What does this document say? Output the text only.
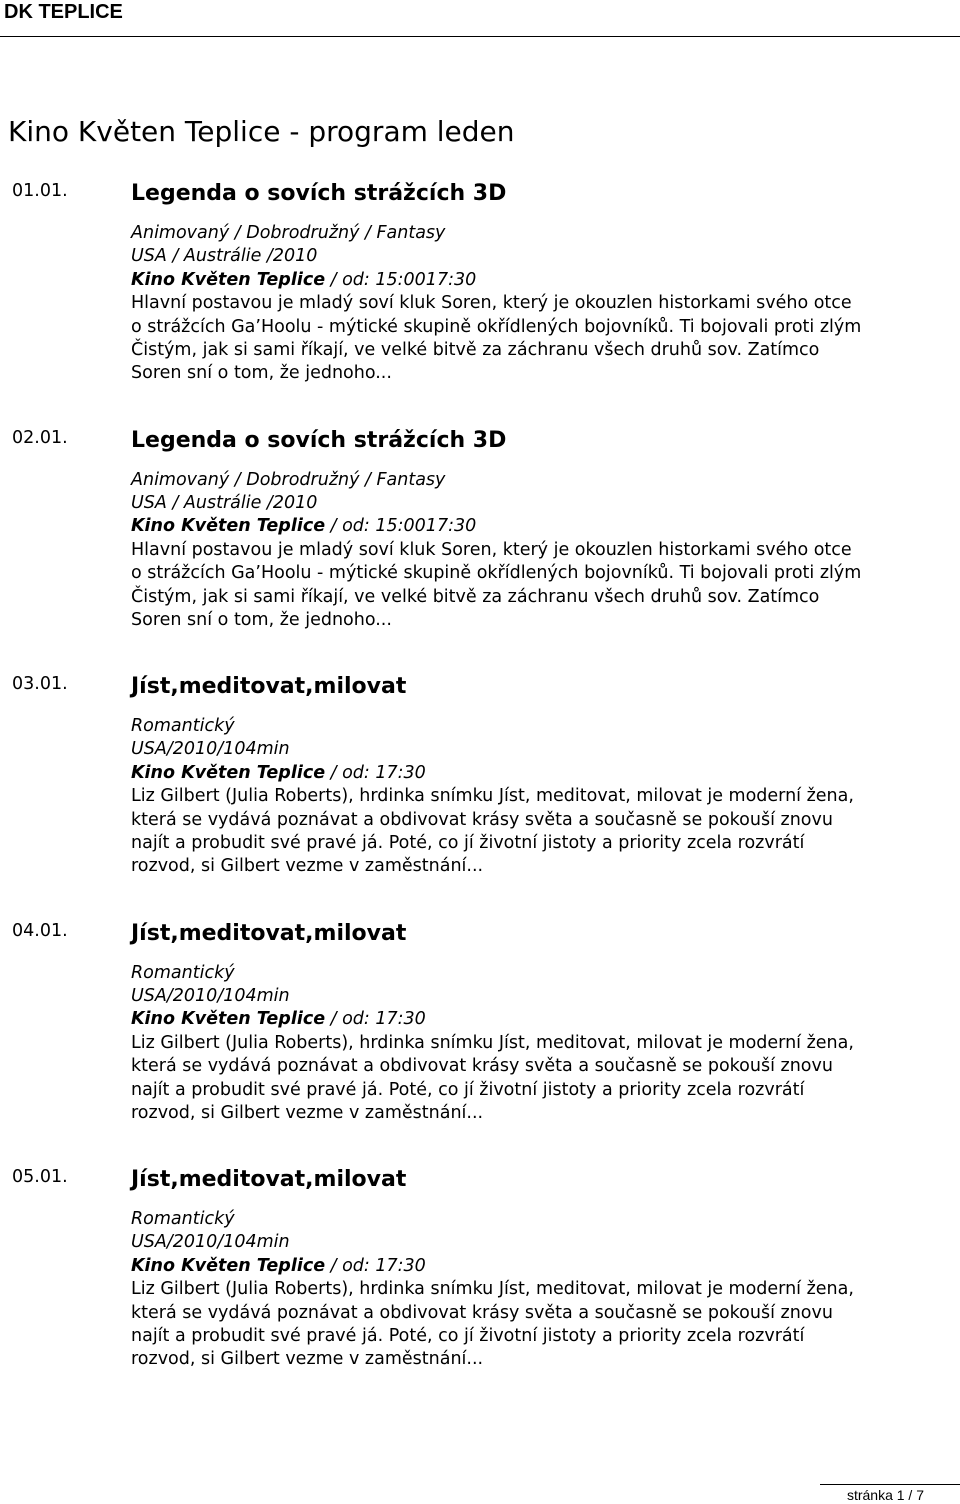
DK TEPLICE
Kino Květen Teplice - program leden
01.01.	Legenda o sovích strážcích 3D
Animovaný / Dobrodružný / Fantasy
USA / Austrálie /2010
Kino Květen Teplice / od: 15:0017:30

Hlavní postavou je mladý soví kluk Soren, který je okouzlen historkami svého otce o strážcích Ga’Hoolu - mýtické skupině okřídlených bojovníků. Ti bojovali proti zlým Čistým, jak si sami říkají, ve velké bitvě za záchranu všech druhů sov. Zatímco Soren sní o tom, že jednoho...

02.01.	Legenda o sovích strážcích 3D
Animovaný / Dobrodružný / Fantasy
USA / Austrálie /2010
Kino Květen Teplice / od: 15:0017:30

Hlavní postavou je mladý soví kluk Soren, který je okouzlen historkami svého otce o strážcích Ga’Hoolu - mýtické skupině okřídlených bojovníků. Ti bojovali proti zlým Čistým, jak si sami říkají, ve velké bitvě za záchranu všech druhů sov. Zatímco Soren sní o tom, že jednoho...

03.01.	Jíst,meditovat,milovat
Romantický
USA/2010/104min
Kino Květen Teplice / od: 17:30

Liz Gilbert (Julia Roberts), hrdinka snímku Jíst, meditovat, milovat je moderní žena, která se vydává poznávat a obdivovat krásy světa a současně se pokouší znovu najít a probudit své pravé já. Poté, co jí životní jistoty a priority zcela rozvrátí rozvod, si Gilbert vezme v zaměstnání...

04.01.	Jíst,meditovat,milovat
Romantický
USA/2010/104min
Kino Květen Teplice / od: 17:30

Liz Gilbert (Julia Roberts), hrdinka snímku Jíst, meditovat, milovat je moderní žena, která se vydává poznávat a obdivovat krásy světa a současně se pokouší znovu najít a probudit své pravé já. Poté, co jí životní jistoty a priority zcela rozvrátí rozvod, si Gilbert vezme v zaměstnání...

05.01.	Jíst,meditovat,milovat
Romantický
USA/2010/104min
Kino Květen Teplice / od: 17:30

Liz Gilbert (Julia Roberts), hrdinka snímku Jíst, meditovat, milovat je moderní žena, která se vydává poznávat a obdivovat krásy světa a současně se pokouší znovu najít a probudit své pravé já. Poté, co jí životní jistoty a priority zcela rozvrátí rozvod, si Gilbert vezme v zaměstnání...

stránka 1 / 7
